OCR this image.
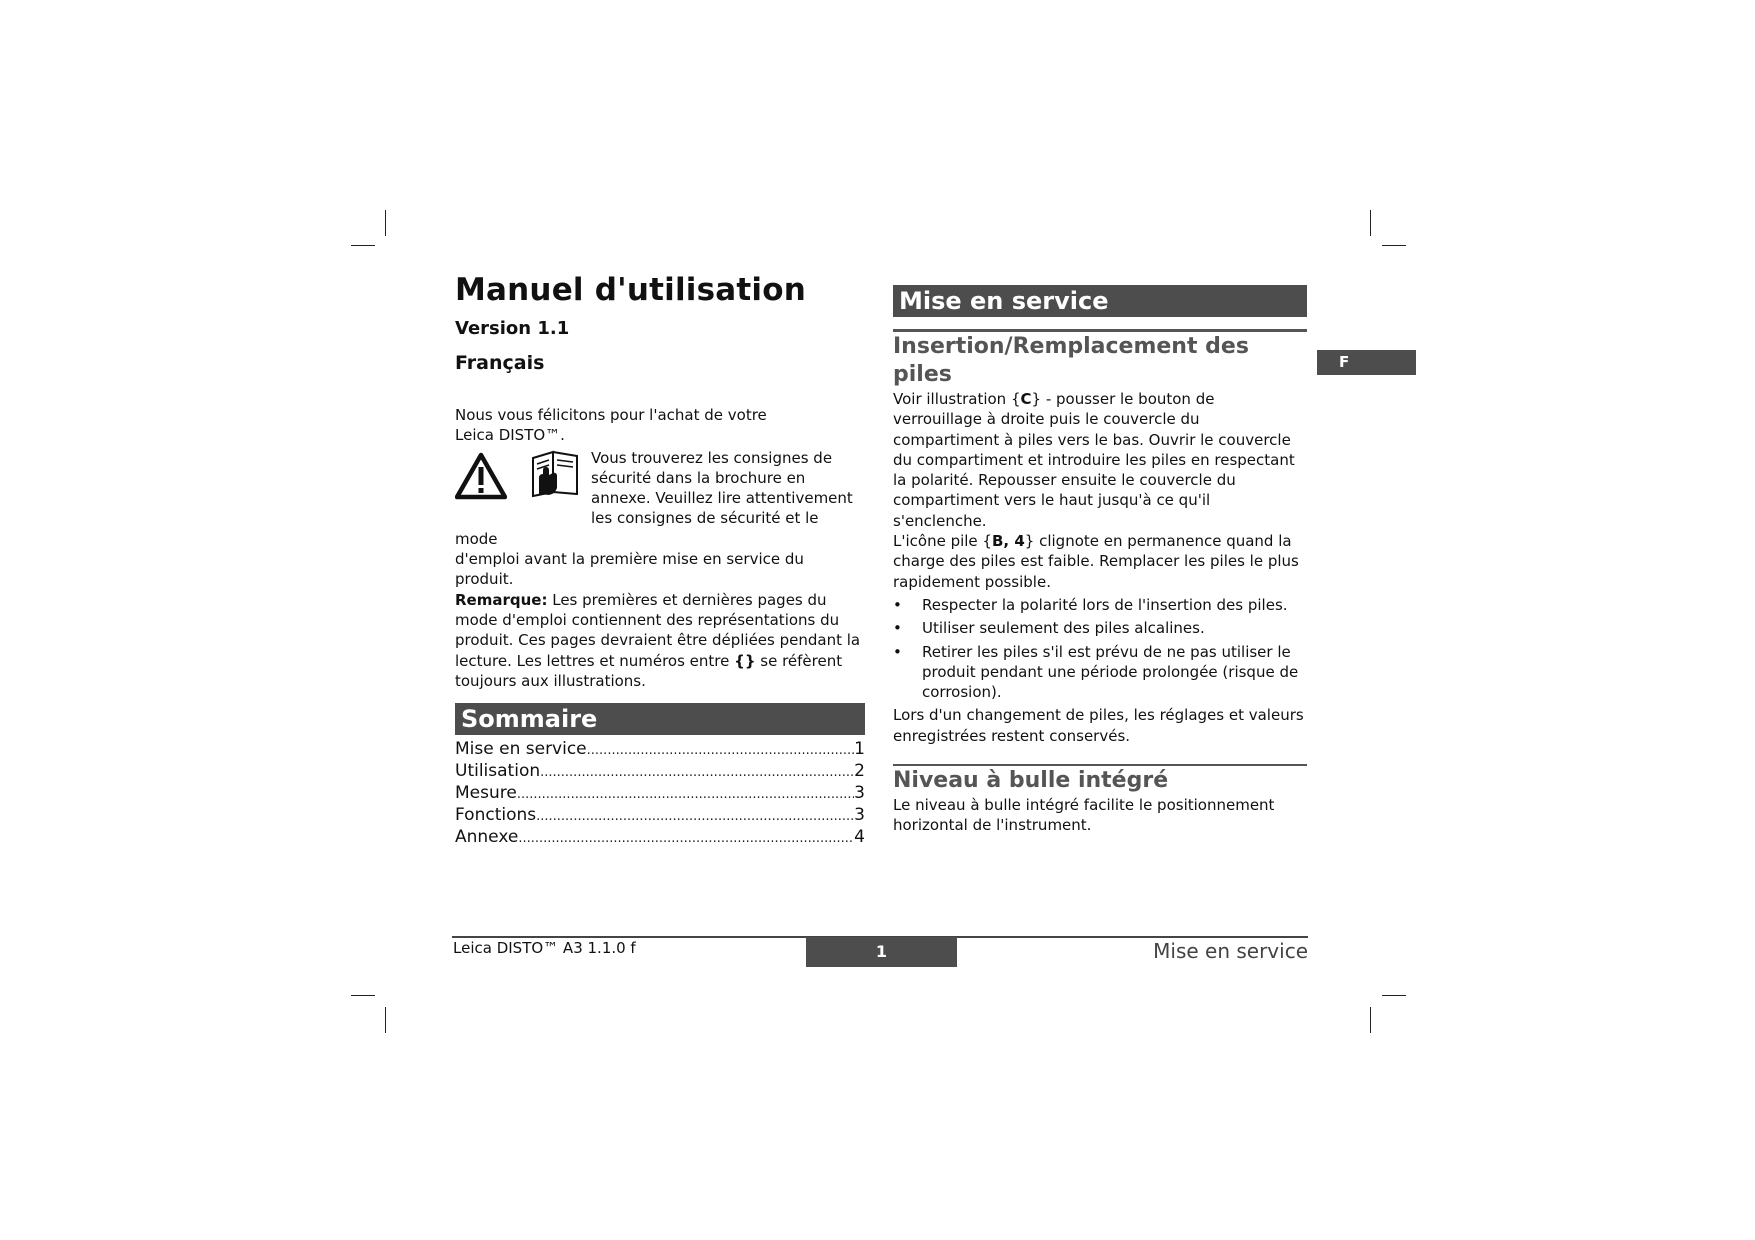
Manuel d'utilisation
Version 1.1
Français
Nous vous félicitons pour l'achat de votre
Leica DISTO™.
Vous trouverez les consignes de sécurité dans la brochure en annexe. Veuillez lire attentivement les consignes de sécurité et le mode
d'emploi avant la première mise en service du produit.

Remarque: Les premières et dernières pages du mode d'emploi contiennent des représentations du produit. Ces pages devraient être dépliées pendant la lecture. Les lettres et numéros entre {} se réfèrent toujours aux illustrations.

Sommaire
Mise en service .....	1
Utilisation .....	2
Mesure .....	3
Fonctions .....	3
Annexe .....	4
Mise en service
Insertion/Remplacement des piles

Voir illustration {C} - pousser le bouton de verrouillage à droite puis le couvercle du compartiment à piles vers le bas. Ouvrir le couvercle du compartiment et introduire les piles en respectant la polarité. Repousser ensuite le couvercle du compartiment vers le haut jusqu'à ce qu'il s'enclenche.

L'icône pile {B, 4} clignote en permanence quand la charge des piles est faible. Remplacer les piles le plus rapidement possible.

• Respecter la polarité lors de l'insertion des piles.
• Utiliser seulement des piles alcalines.
• Retirer les piles s'il est prévu de ne pas utiliser le produit pendant une période prolongée (risque de corrosion).

Lors d'un changement de piles, les réglages et valeurs enregistrées restent conservés.

Niveau à bulle intégré

Le niveau à bulle intégré facilite le positionnement horizontal de l'instrument.

F
Leica DISTO™ A3 1.1.0 f	1	Mise en service
